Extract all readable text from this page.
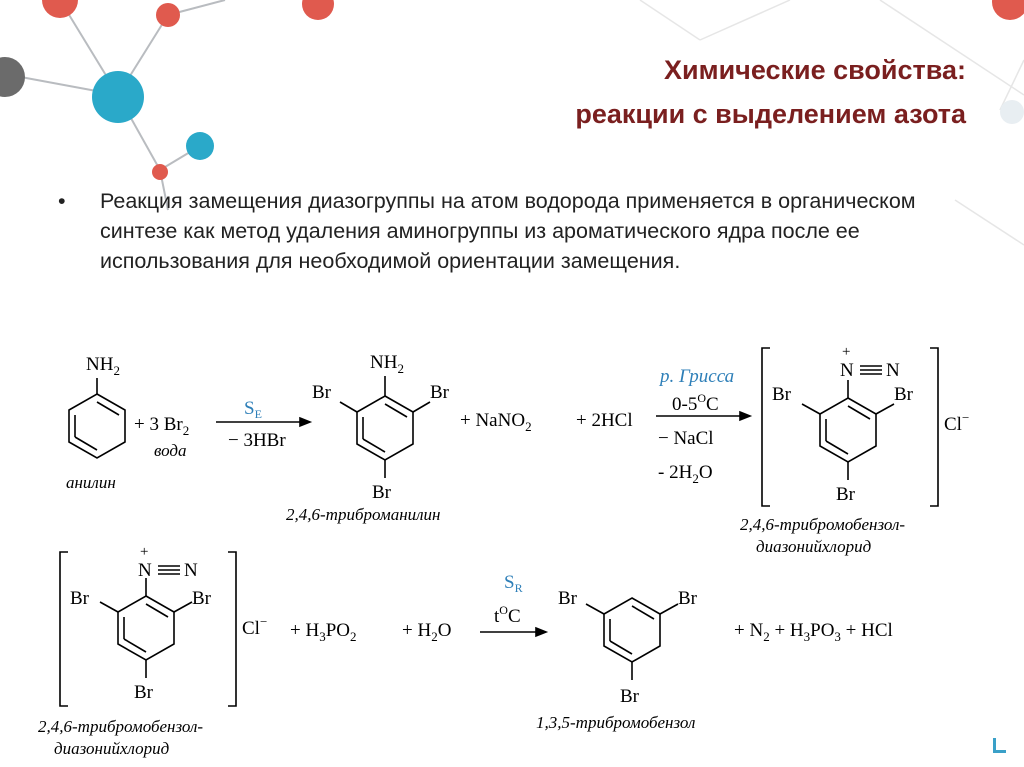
Химические свойства:
реакции с выделением азота
• Реакция замещения диазогруппы на атом водорода применяется в органическом синтезе как метод удаления аминогруппы из ароматического ядра после ее использования для необходимой ориентации замещения.
$NH_2$
анилин
+ 3 $Br_2$
$S_E$
вода − 3HBr
$NH_2$
Br	Br
Br
2,4,6-триброманилин
+ NaNO$_2$ + 2HCl
р. Грисса
$0-5^OC$
− NaCl
- $2H_2O$
+
N N
Br	Br
Br
Cl−
2,4,6-трибромобензол-
диазонийхлорид
+
N N
Br	Br
Br
Cl−
2,4,6-трибромобензол-
диазонийхлорид
+ $H_3PO_2 + H_2O$
$S_R$
$t^OC$
Br	Br
Br
1,3,5-трибромобензол
+ $N_2 + H_3PO_3$ + HCl
